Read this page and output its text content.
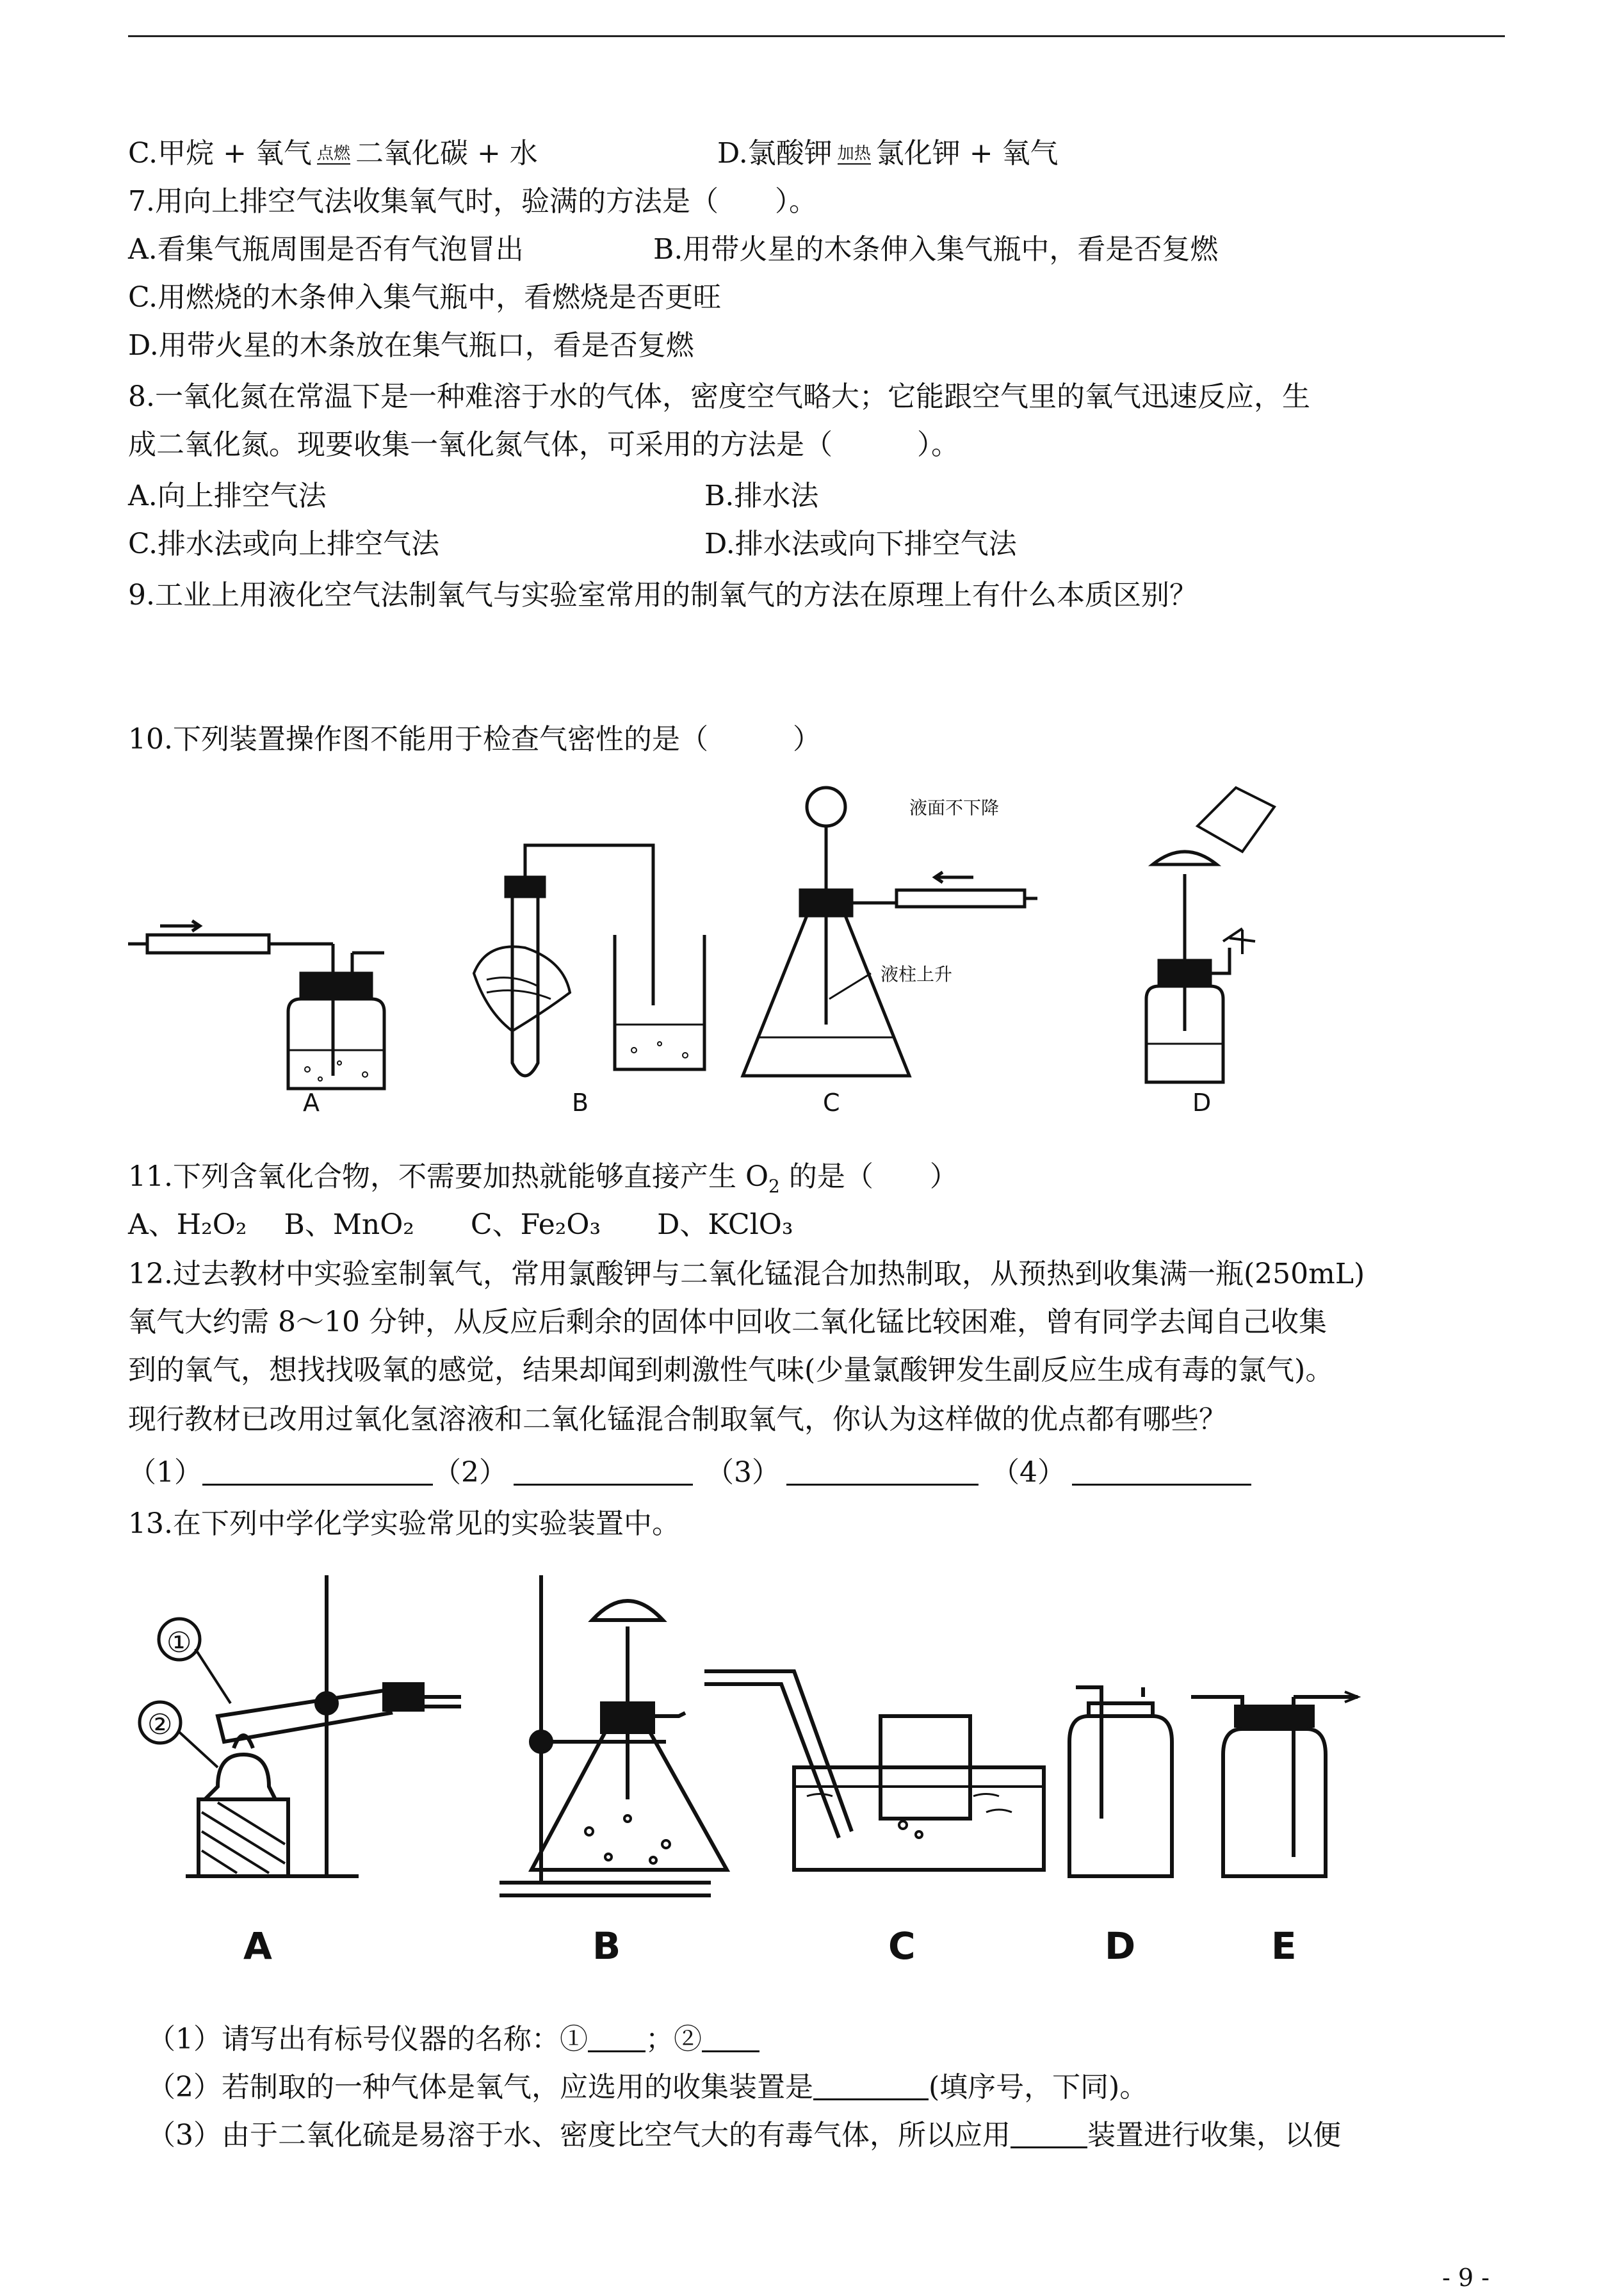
C.甲烷 + 氧气 点燃 二氧化碳 + 水	D.氯酸钾 加热 氯化钾 + 氧气
7.用向上排空气法收集氧气时，验满的方法是（　　）。
A.看集气瓶周围是否有气泡冒出	B.用带火星的木条伸入集气瓶中，看是否复燃
C.用燃烧的木条伸入集气瓶中，看燃烧是否更旺
D.用带火星的木条放在集气瓶口，看是否复燃
8.一氧化氮在常温下是一种难溶于水的气体，密度空气略大；它能跟空气里的氧气迅速反应，生
成二氧化氮。现要收集一氧化氮气体，可采用的方法是（　　　）。
A.向上排空气法	B.排水法
C.排水法或向上排空气法	D.排水法或向下排空气法
9.工业上用液化空气法制氧气与实验室常用的制氧气的方法在原理上有什么本质区别？
10.下列装置操作图不能用于检查气密性的是（　　　）
液面不下降
液柱上升
A	B	C	D
11.下列含氧化合物，不需要加热就能够直接产生 $O_2$ 的是（　　）
A、H₂O₂　 B、MnO₂　　C、Fe₂O₃　　D、KClO₃
12.过去教材中实验室制氧气，常用氯酸钾与二氧化锰混合加热制取，从预热到收集满一瓶(250mL)
氧气大约需 8～10 分钟，从反应后剩余的固体中回收二氧化锰比较困难，曾有同学去闻自己收集
到的氧气，想找找吸氧的感觉，结果却闻到刺激性气味(少量氯酸钾发生副反应生成有毒的氯气)。
现行教材已改用过氧化氢溶液和二氧化锰混合制取氧气，你认为这样做的优点都有哪些？
（1）	（2）	（3）	（4）
13.在下列中学化学实验常见的实验装置中。
①
②
A	B	C	D	E
（1）请写出有标号仪器的名称：① ；②
（2）若制取的一种气体是氧气，应选用的收集装置是	(填序号，下同)。
（3）由于二氧化硫是易溶于水、密度比空气大的有毒气体，所以应用	装置进行收集，以便
- 9 -
